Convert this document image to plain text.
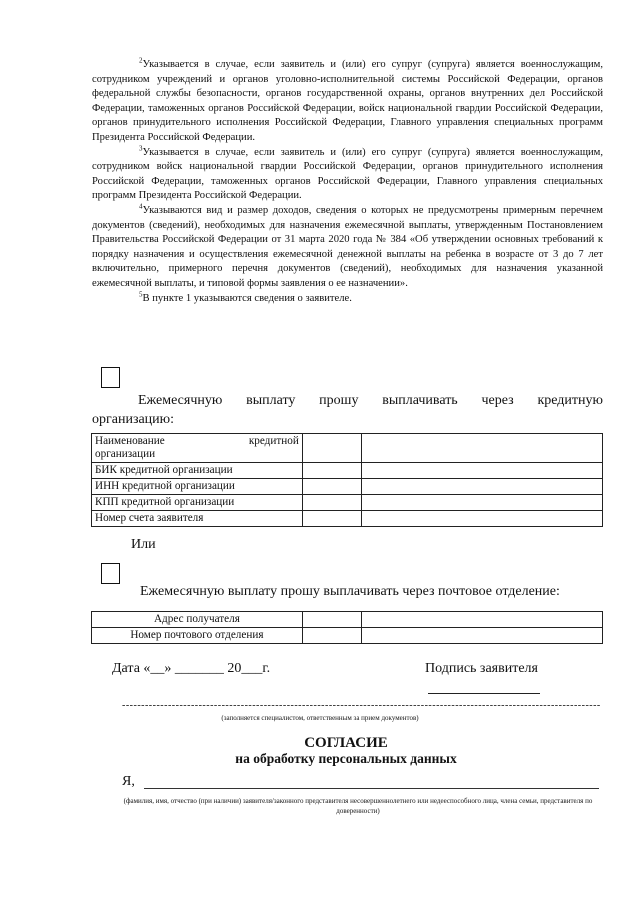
$^2$Указывается в случае, если заявитель и (или) его супруг (супруга) является военнослужащим, сотрудником учреждений и органов уголовно-исполнительной системы Российской Федерации, органов федеральной службы безопасности, органов государственной охраны, органов внутренних дел Российской Федерации, таможенных органов Российской Федерации, войск национальной гвардии Российской Федерации, органов принудительного исполнения Российской Федерации, Главного управления специальных программ Президента Российской Федерации.

$^3$Указывается в случае, если заявитель и (или) его супруг (супруга) является военнослужащим, сотрудником войск национальной гвардии Российской Федерации, органов принудительного исполнения Российской Федерации, таможенных органов Российской Федерации, Главного управления специальных программ Президента Российской Федерации.

$^4$Указываются вид и размер доходов, сведения о которых не предусмотрены примерным перечнем документов (сведений), необходимых для назначения ежемесячной выплаты, утвержденным Постановлением Правительства Российской Федерации от 31 марта 2020 года № 384 «Об утверждении основных требований к порядку назначения и осуществления ежемесячной денежной выплаты на ребенка в возрасте от 3 до 7 лет включительно, примерного перечня документов (сведений), необходимых для назначения указанной ежемесячной выплаты, и типовой формы заявления о ее назначении».

$^5$В пункте 1 указываются сведения о заявителе.

Ежемесячную выплату прошу выплачивать через кредитную
организацию:
Наименование кредитной
организации		
БИК кредитной организации		
ИНН кредитной организации		
КПП кредитной организации		
Номер счета заявителя		
Или
Ежемесячную выплату прошу выплачивать через почтовое отделение:
Адрес получателя		
Номер почтового отделения		
Дата «__» _______ 20___г.	Подпись заявителя
-----------------------------------------------------------------------------------------------------------------------------
(заполняется специалистом, ответственным за прием документов)
СОГЛАСИЕ
на обработку персональных данных
Я,
(фамилия, имя, отчество (при наличии) заявителя/законного представителя несовершеннолетнего или недееспособного лица, члена семьи, представителя по доверенности)
